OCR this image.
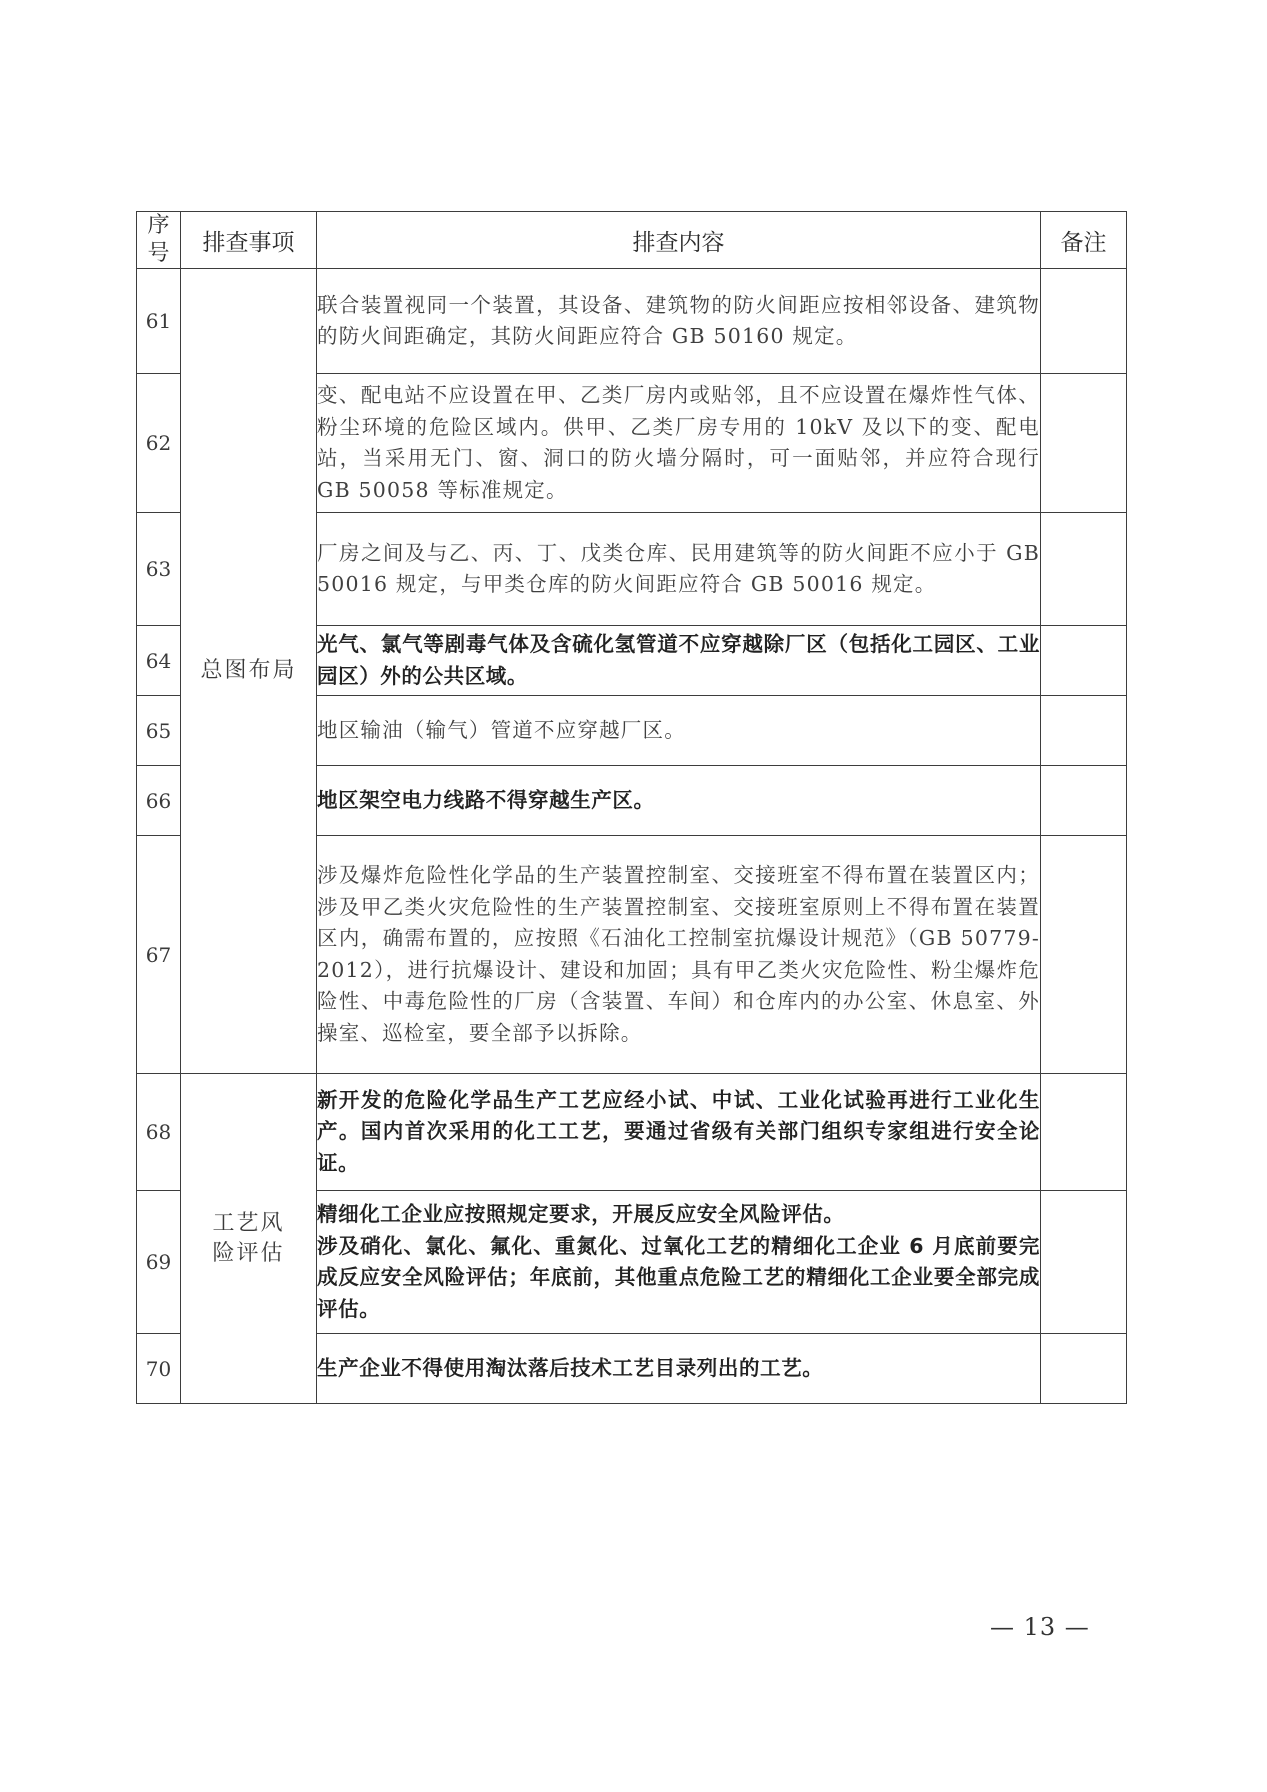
序号	排查事项	排查内容	备注
61	总图布局	联合装置视同一个装置，其设备、建筑物的防火间距应按相邻设备、建筑物的防火间距确定，其防火间距应符合 GB 50160 规定。	
62		变、配电站不应设置在甲、乙类厂房内或贴邻，且不应设置在爆炸性气体、粉尘环境的危险区域内。供甲、乙类厂房专用的 10kV 及以下的变、配电站，当采用无门、窗、洞口的防火墙分隔时，可一面贴邻，并应符合现行 GB 50058 等标准规定。	
63		厂房之间及与乙、丙、丁、戊类仓库、民用建筑等的防火间距不应小于 GB 50016 规定，与甲类仓库的防火间距应符合 GB 50016 规定。	
64		光气、氯气等剧毒气体及含硫化氢管道不应穿越除厂区（包括化工园区、工业园区）外的公共区域。	
65		地区输油（输气）管道不应穿越厂区。	
66		地区架空电力线路不得穿越生产区。	
67		涉及爆炸危险性化学品的生产装置控制室、交接班室不得布置在装置区内；涉及甲乙类火灾危险性的生产装置控制室、交接班室原则上不得布置在装置区内，确需布置的，应按照《石油化工控制室抗爆设计规范》（GB 50779-2012），进行抗爆设计、建设和加固；具有甲乙类火灾危险性、粉尘爆炸危险性、中毒危险性的厂房（含装置、车间）和仓库内的办公室、休息室、外操室、巡检室，要全部予以拆除。	
68	工艺风险评估	新开发的危险化学品生产工艺应经小试、中试、工业化试验再进行工业化生产。国内首次采用的化工工艺，要通过省级有关部门组织专家组进行安全论证。	
69		精细化工企业应按照规定要求，开展反应安全风险评估。
涉及硝化、氯化、氟化、重氮化、过氧化工艺的精细化工企业 6 月底前要完成反应安全风险评估；年底前，其他重点危险工艺的精细化工企业要全部完成评估。	
70		生产企业不得使用淘汰落后技术工艺目录列出的工艺。	
— 13 —
